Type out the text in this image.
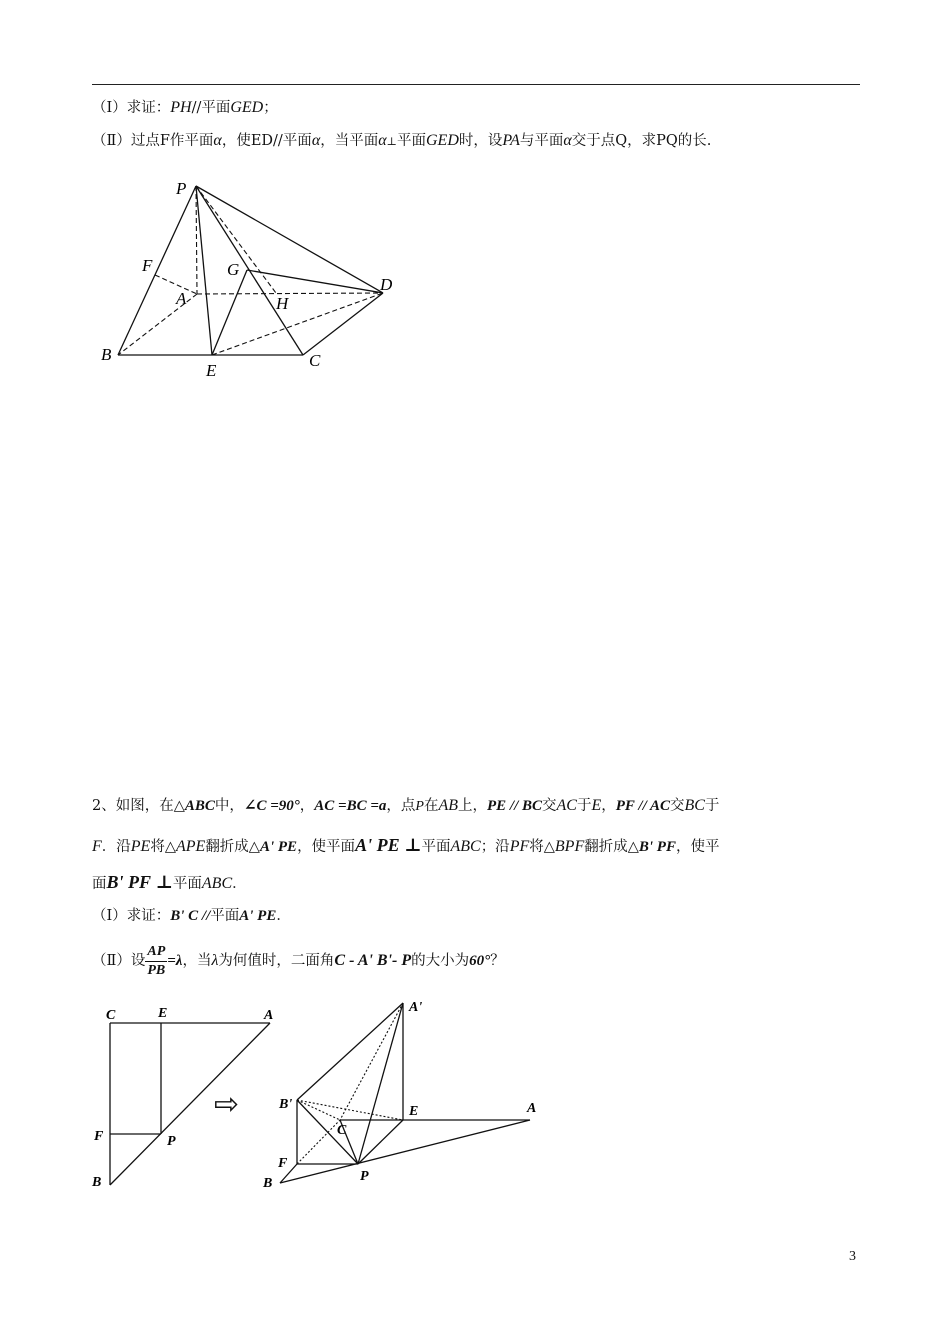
（Ⅰ）求证：PH//平面GED；
（Ⅱ）过点F作平面α，使ED//平面α，当平面α⊥平面GED时，设PA与平面α交于点Q，求PQ的长.
P
F	G
A	H
D
B
E
C
2、如图，在△ABC中，∠C =90°，AC =BC =a，点P在AB上，PE // BC交AC于E，PF // AC交BC于
F．沿PE将△APE翻折成△A' PE，使平面A' PE ⊥平面ABC；沿PF将△BPF翻折成△B' PF，使平
面B' PF ⊥平面ABC．
（Ⅰ）求证：B' C //平面A' PE．
（Ⅱ）设 $\frac{AP}{PB} =\lambda$，当λ为何值时，二面角C - A' B'- P的大小为60°？
C	E	A
F	P
B
⇨
A'
B'	E	A
C
F
P
B
3
